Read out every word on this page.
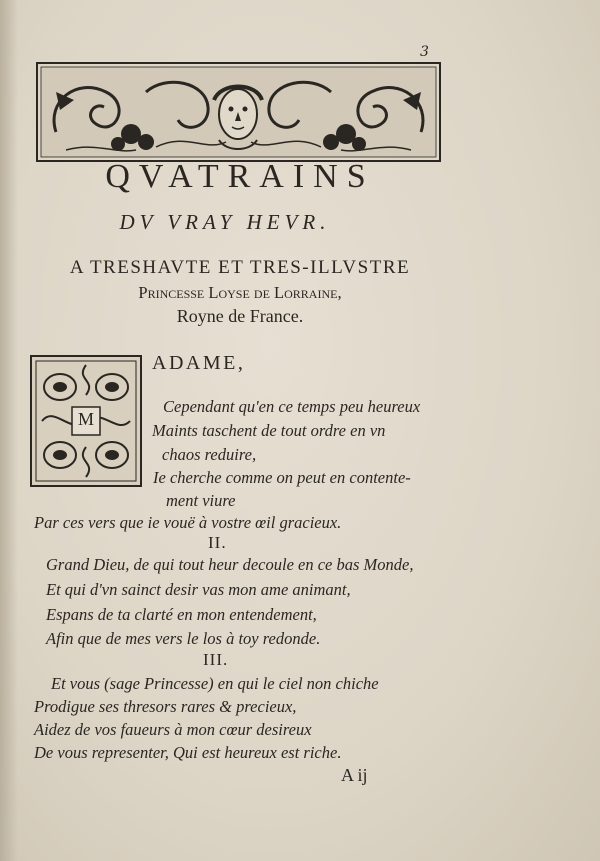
3
QVATRAINS
DV VRAY HEVR.
A TRESHAVTE ET TRES-ILLVSTRE
Princesse Loyse de Lorraine,
Royne de France.
M
ADAME,
Cependant qu'en ce temps peu heureux
Maints taschent de tout ordre en vn
chaos reduire,
Ie cherche comme on peut en contente-
ment viure
Par ces vers que ie vouë à vostre œil gracieux.
II.
Grand Dieu, de qui tout heur decoule en ce bas Monde,
Et qui d'vn sainct desir vas mon ame animant,
Espans de ta clarté en mon entendement,
Afin que de mes vers le los à toy redonde.
III.
Et vous (sage Princesse) en qui le ciel non chiche
Prodigue ses thresors rares & precieux,
Aidez de vos faueurs à mon cœur desireux
De vous representer, Qui est heureux est riche.
A ij
